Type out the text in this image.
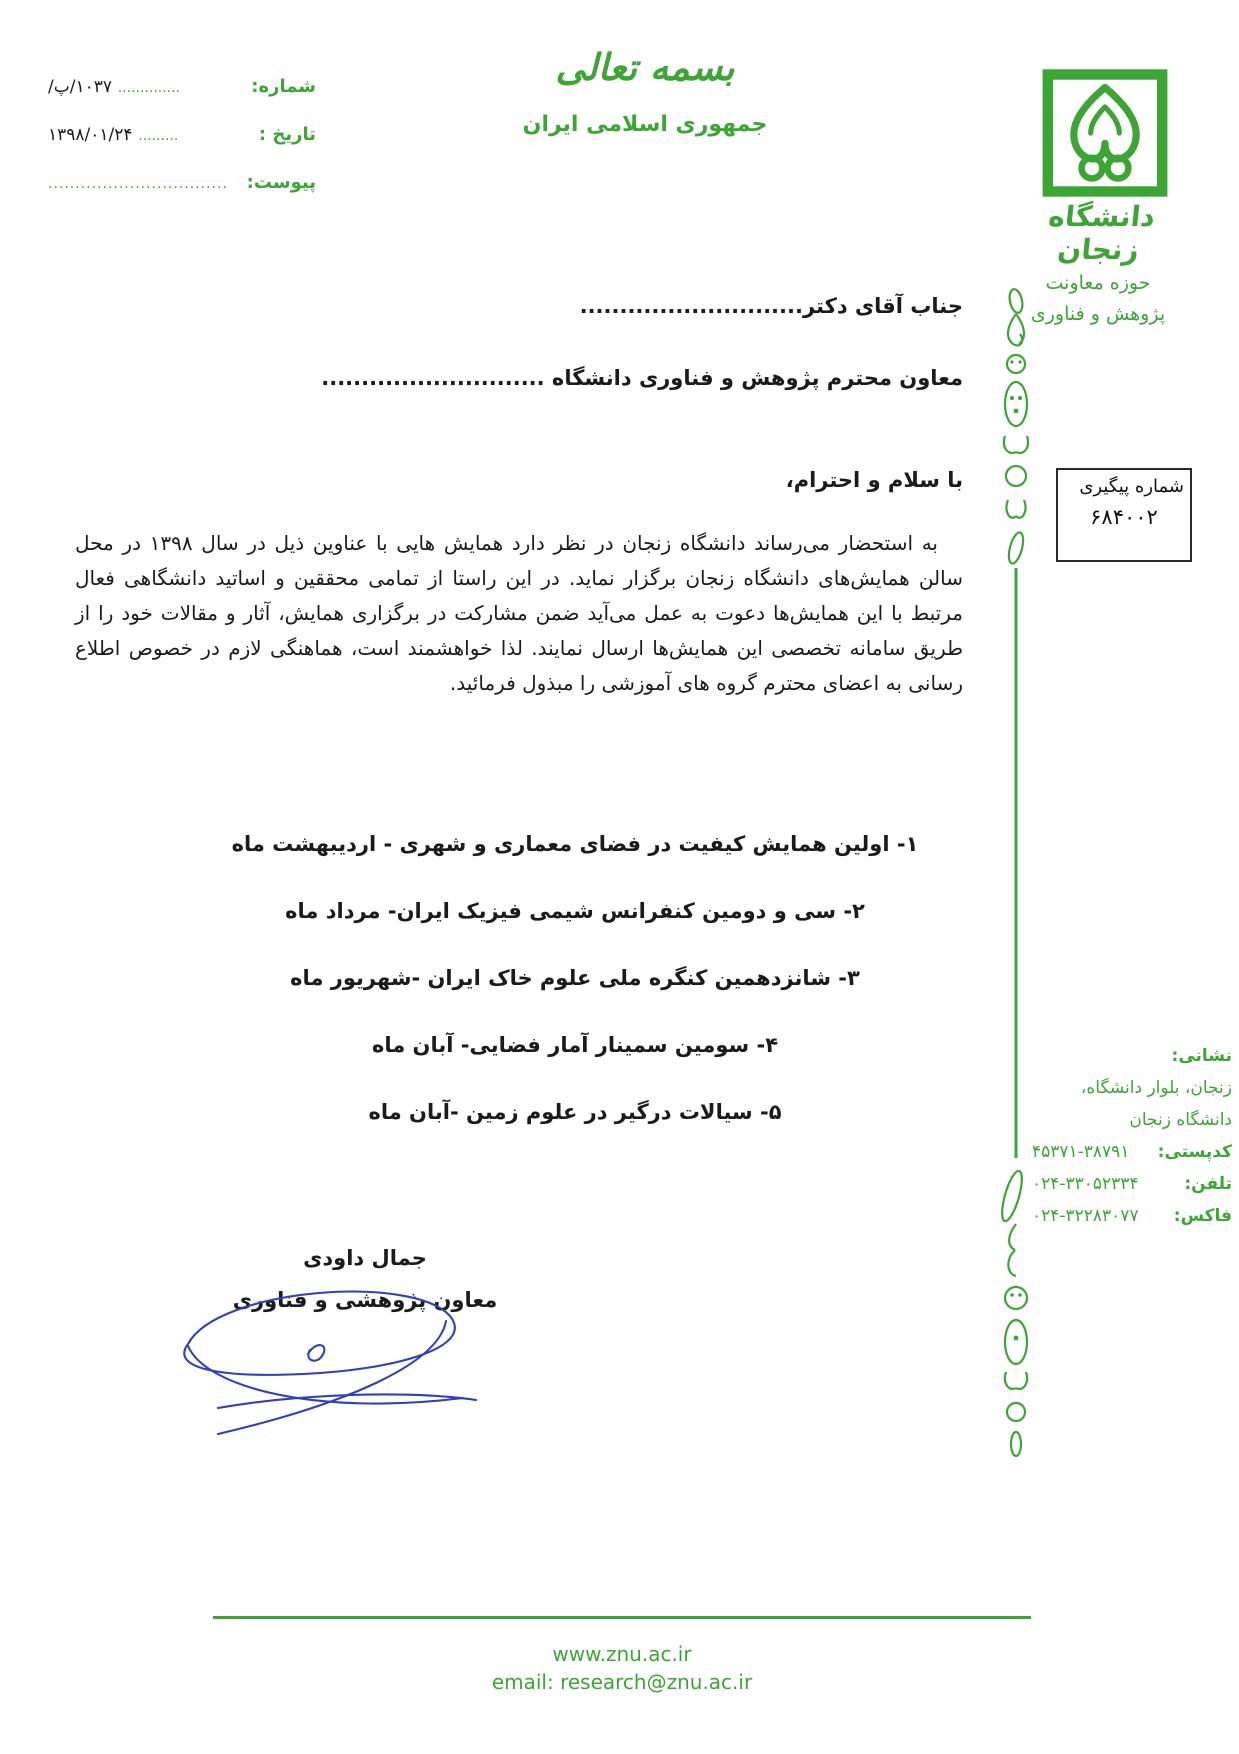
شماره:
.............. ۱۰۳۷/پ/
تاریخ :
......... ۱۳۹۸/۰۱/۲۴
پیوست:
.................................
بسمه تعالی
جمهوری اسلامی ایران
دانشگاه زنجان
حوزه معاونت
پژوهش و فناوری
شماره پیگیری
۶۸۴۰۰۲
جناب آقای دکتر............................
معاون محترم پژوهش و فناوری دانشگاه ............................
با سلام و احترام،
به استحضار می‌رساند دانشگاه زنجان در نظر دارد همایش هایی با عناوین ذیل در سال ۱۳۹۸ در محل سالن همایش‌های دانشگاه زنجان برگزار نماید. در این راستا از تمامی محققین و اساتید دانشگاهی فعال مرتبط با این همایش‌ها دعوت به عمل می‌آید ضمن مشارکت در برگزاری همایش، آثار و مقالات خود را از طریق سامانه تخصصی این همایش‌ها ارسال نمایند. لذا خواهشمند است، هماهنگی لازم در خصوص اطلاع رسانی به اعضای محترم گروه های آموزشی را مبذول فرمائید.
۱- اولین همایش کیفیت در فضای معماری و شهری - اردیبهشت ماه
۲- سی و دومین کنفرانس شیمی فیزیک ایران- مرداد ماه
۳- شانزدهمین کنگره ملی علوم خاک ایران -شهریور ماه
۴- سومین سمینار آمار فضایی- آبان ماه
۵- سیالات درگیر در علوم زمین -آبان ماه
جمال داودی
معاون پژوهشی و فناوری
نشانی:
زنجان، بلوار دانشگاه،
دانشگاه زنجان
کدپستی:
۴۵۳۷۱-۳۸۷۹۱
تلفن:
۰۲۴-۳۳۰۵۲۳۳۴
فاکس:
۰۲۴-۳۲۲۸۳۰۷۷
www.znu.ac.ir
email: research@znu.ac.ir
